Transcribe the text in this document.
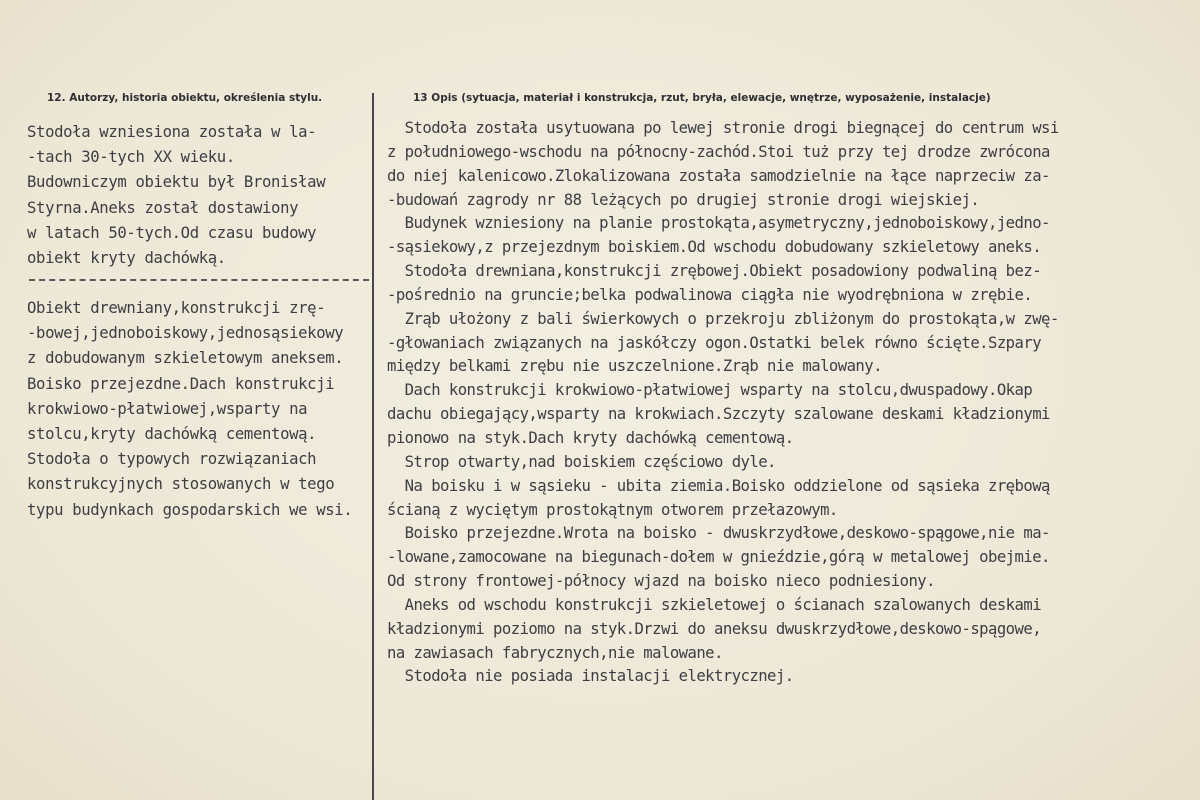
12. Autorzy, historia obiektu, określenia stylu.	13 Opis (sytuacja, materiał i konstrukcja, rzut, bryła, elewacje, wnętrze, wyposażenie, instalacje)
Stodoła wzniesiona została w la-
-tach 30-tych XX wieku.
Budowniczym obiektu był Bronisław
Styrna.Aneks został dostawiony
w latach 50-tych.Od czasu budowy
obiekt kryty dachówką.
Obiekt drewniany,konstrukcji zrę-
-bowej,jednoboiskowy,jednosąsiekowy
z dobudowanym szkieletowym aneksem.
Boisko przejezdne.Dach konstrukcji
krokwiowo-płatwiowej,wsparty na
stolcu,kryty dachówką cementową.
Stodoła o typowych rozwiązaniach
konstrukcyjnych stosowanych w tego
typu budynkach gospodarskich we wsi.
Stodoła została usytuowana po lewej stronie drogi biegnącej do centrum wsi
z południowego-wschodu na północny-zachód.Stoi tuż przy tej drodze zwrócona
do niej kalenicowo.Zlokalizowana została samodzielnie na łące naprzeciw za-
-budowań zagrody nr 88 leżących po drugiej stronie drogi wiejskiej.
Budynek wzniesiony na planie prostokąta,asymetryczny,jednoboiskowy,jedno-
-sąsiekowy,z przejezdnym boiskiem.Od wschodu dobudowany szkieletowy aneks.
Stodoła drewniana,konstrukcji zrębowej.Obiekt posadowiony podwaliną bez-
-pośrednio na gruncie;belka podwalinowa ciągła nie wyodrębniona w zrębie.
Zrąb ułożony z bali świerkowych o przekroju zbliżonym do prostokąta,w zwę-
-głowaniach związanych na jaskółczy ogon.Ostatki belek równo ścięte.Szpary
między belkami zrębu nie uszczelnione.Zrąb nie malowany.
Dach konstrukcji krokwiowo-płatwiowej wsparty na stolcu,dwuspadowy.Okap
dachu obiegający,wsparty na krokwiach.Szczyty szalowane deskami kładzionymi
pionowo na styk.Dach kryty dachówką cementową.
Strop otwarty,nad boiskiem częściowo dyle.
Na boisku i w sąsieku - ubita ziemia.Boisko oddzielone od sąsieka zrębową
ścianą z wyciętym prostokątnym otworem przełazowym.
Boisko przejezdne.Wrota na boisko - dwuskrzydłowe,deskowo-spągowe,nie ma-
-lowane,zamocowane na biegunach-dołem w gnieździe,górą w metalowej obejmie.
Od strony frontowej-północy wjazd na boisko nieco podniesiony.
Aneks od wschodu konstrukcji szkieletowej o ścianach szalowanych deskami
kładzionymi poziomo na styk.Drzwi do aneksu dwuskrzydłowe,deskowo-spągowe,
na zawiasach fabrycznych,nie malowane.
Stodoła nie posiada instalacji elektrycznej.
